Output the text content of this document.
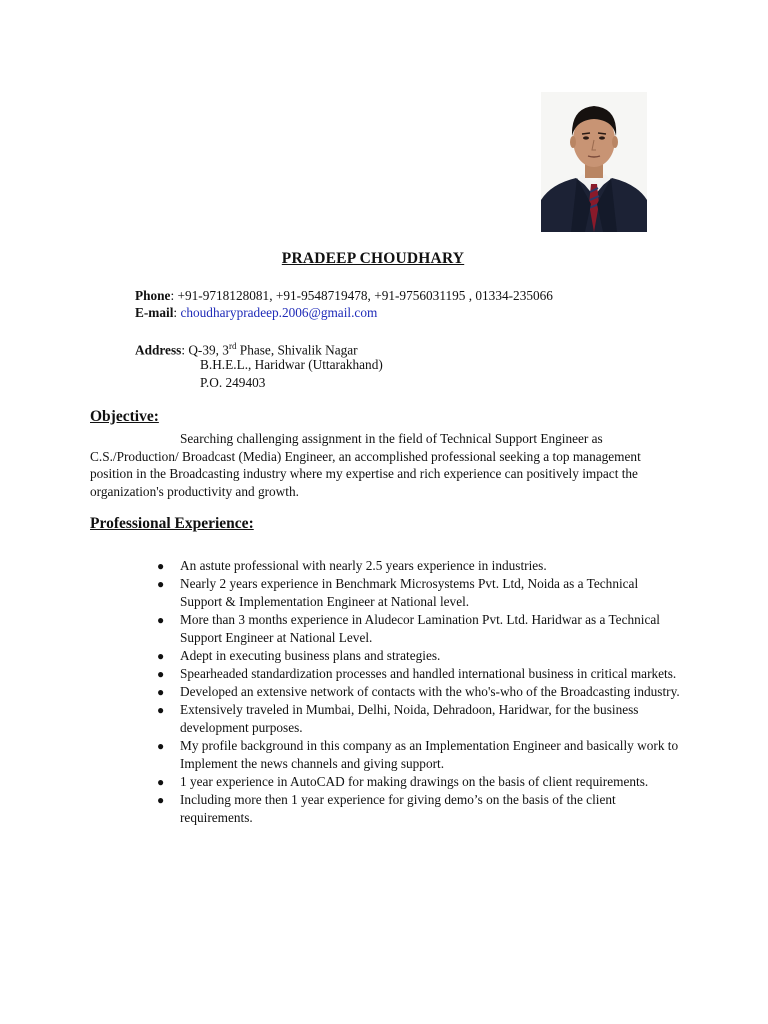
PRADEEP CHOUDHARY
Phone: +91-9718128081, +91-9548719478, +91-9756031195 , 01334-235066
E-mail: choudharypradeep.2006@gmail.com
Address: Q-39, 3rd Phase, Shivalik Nagar
B.H.E.L., Haridwar (Uttarakhand)
P.O. 249403
Objective:
Searching challenging assignment in the field of Technical Support Engineer as C.S./Production/ Broadcast (Media) Engineer, an accomplished professional seeking a top management position in the Broadcasting industry where my expertise and rich experience can positively impact the organization's productivity and growth.
Professional Experience:
● An astute professional with nearly 2.5 years experience in industries.
● Nearly 2 years experience in Benchmark Microsystems Pvt. Ltd, Noida as a Technical Support & Implementation Engineer at National level.
● More than 3 months experience in Aludecor Lamination Pvt. Ltd. Haridwar as a Technical Support Engineer at National Level.
● Adept in executing business plans and strategies.
● Spearheaded standardization processes and handled international business in critical markets.
● Developed an extensive network of contacts with the who's-who of the Broadcasting industry.
● Extensively traveled in Mumbai, Delhi, Noida, Dehradoon, Haridwar, for the business development purposes.
● My profile background in this company as an Implementation Engineer and basically work to Implement the news channels and giving support.
● 1 year experience in AutoCAD for making drawings on the basis of client requirements.
● Including more then 1 year experience for giving demo’s on the basis of the client requirements.
